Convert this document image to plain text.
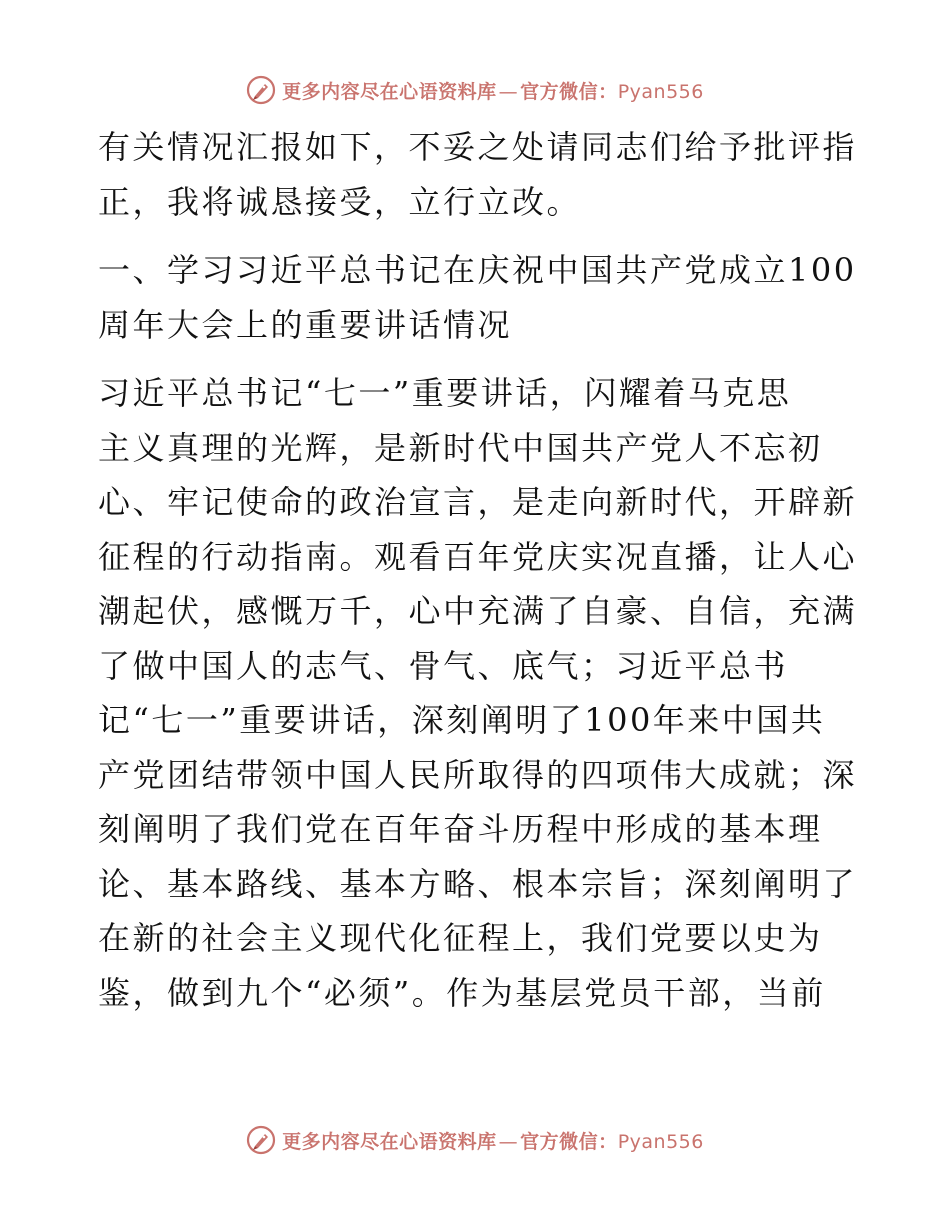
更多内容尽在心语资料库 — 官方微信：Pyan556
有关情况汇报如下，不妥之处请同志们给予批评指
正，我将诚恳接受，立行立改。
一、学习习近平总书记在庆祝中国共产党成立100
周年大会上的重要讲话情况
习近平总书记“七一”重要讲话，闪耀着马克思
主义真理的光辉，是新时代中国共产党人不忘初
心、牢记使命的政治宣言，是走向新时代，开辟新
征程的行动指南。观看百年党庆实况直播，让人心
潮起伏，感慨万千，心中充满了自豪、自信，充满
了做中国人的志气、骨气、底气；习近平总书
记“七一”重要讲话，深刻阐明了100年来中国共
产党团结带领中国人民所取得的四项伟大成就；深
刻阐明了我们党在百年奋斗历程中形成的基本理
论、基本路线、基本方略、根本宗旨；深刻阐明了
在新的社会主义现代化征程上，我们党要以史为
鉴，做到九个“必须”。作为基层党员干部，当前
更多内容尽在心语资料库 — 官方微信：Pyan556
